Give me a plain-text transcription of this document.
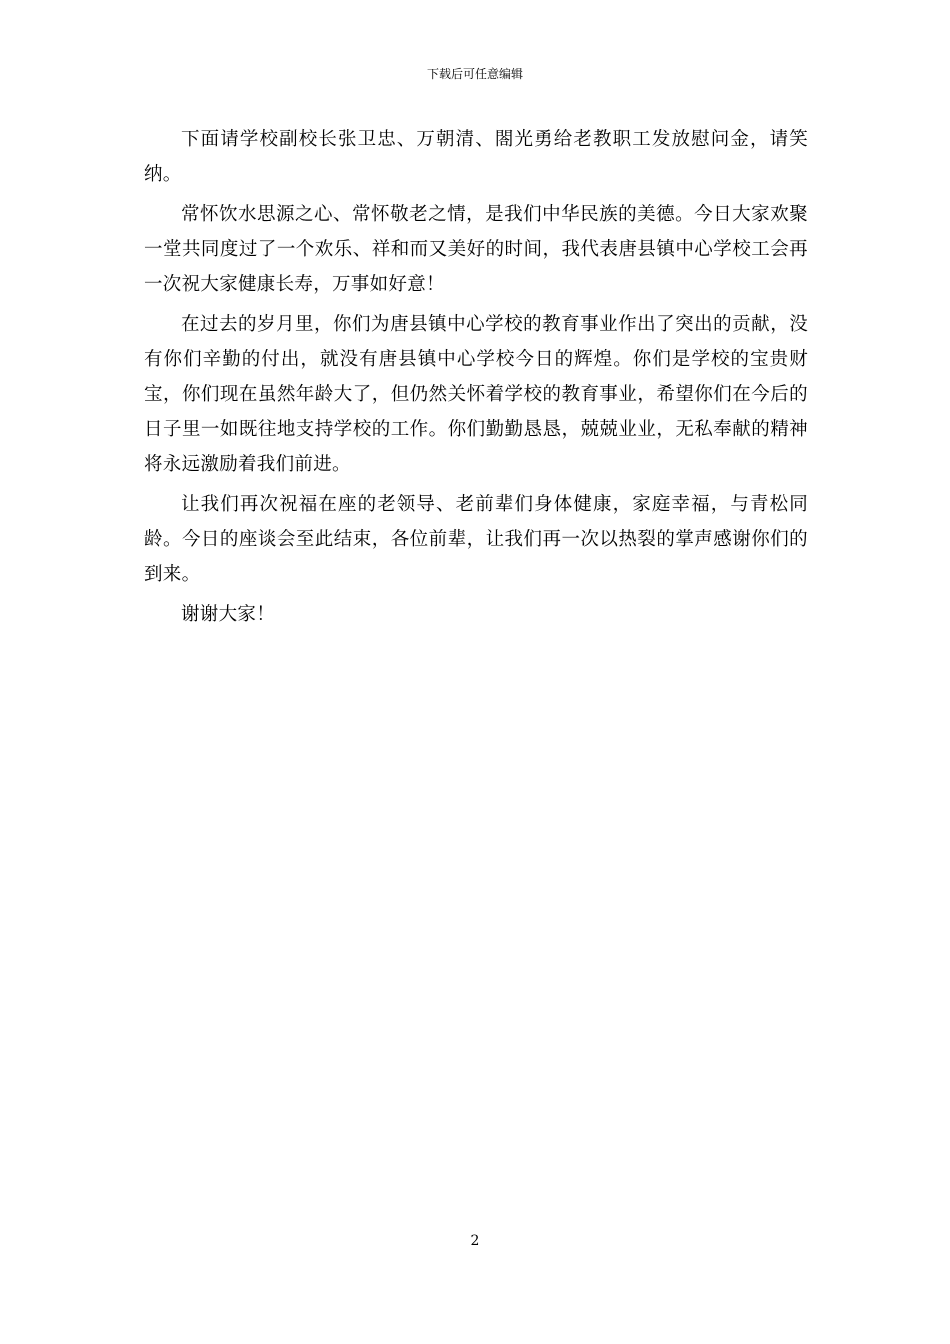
下载后可任意编辑

下面请学校副校长张卫忠、万朝清、閤光勇给老教职工发放慰问金，请笑纳。

常怀饮水思源之心、常怀敬老之情，是我们中华民族的美德。今日大家欢聚一堂共同度过了一个欢乐、祥和而又美好的时间，我代表唐县镇中心学校工会再一次祝大家健康长寿，万事如好意！

在过去的岁月里，你们为唐县镇中心学校的教育事业作出了突出的贡献，没有你们辛勤的付出，就没有唐县镇中心学校今日的辉煌。你们是学校的宝贵财宝，你们现在虽然年龄大了，但仍然关怀着学校的教育事业，希望你们在今后的日子里一如既往地支持学校的工作。你们勤勤恳恳，兢兢业业，无私奉献的精神将永远激励着我们前进。

让我们再次祝福在座的老领导、老前辈们身体健康，家庭幸福，与青松同龄。今日的座谈会至此结束，各位前辈，让我们再一次以热裂的掌声感谢你们的到来。

谢谢大家！

2
